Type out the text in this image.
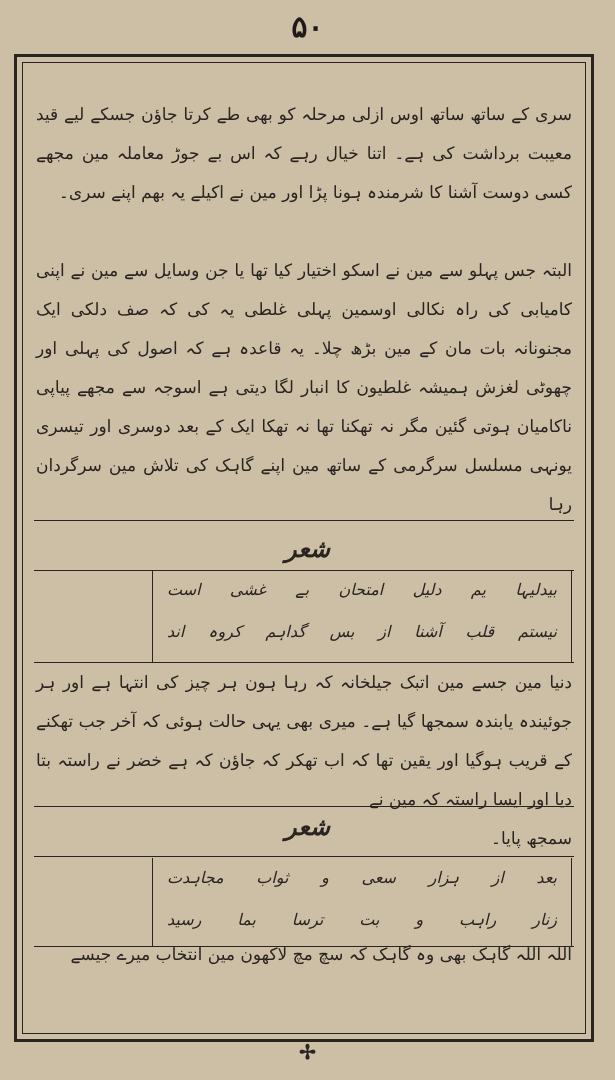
۵۰
سری کے ساتھ ساتھ اوس ازلی مرحلہ کو بھی طے کرتا جاؤن جسکے لیے قید معیبت برداشت کی ہے۔ اتنا خیال رہے کہ اس بے جوڑ معاملہ مین مجھے کسی دوست آشنا کا شرمندہ ہونا پڑا اور مین نے اکیلے یہ بھم اپنے سری۔
البتہ جس پہلو سے مین نے اسکو اختیار کیا تھا یا جن وسایل سے مین نے اپنی کامیابی کی راہ نکالی اوسمین پہلی غلطی یہ کی کہ صف دلکی ایک مجنونانہ بات مان کے مین بڑھ چلا۔ یہ قاعدہ ہے کہ اصول کی پہلی اور چھوٹی لغزش ہمیشہ غلطیون کا انبار لگا دیتی ہے اسوجہ سے مجھے پیاپی ناکامیان ہوتی گئین مگر نہ تھکنا تھا نہ تھکا ایک کے بعد دوسری اور تیسری یونہی مسلسل سرگرمی کے ساتھ مین اپنے گاہک کی تلاش مین سرگردان رہا
شعر
بیدلیہا یم دلیل امتحان بے غشی است
نیستم قلب آشنا از بس گداہم کروہ اند
دنیا مین جسے مین اتبک جیلخانہ کہ رہا ہون ہر چیز کی انتہا ہے اور ہر جوئیندہ یابندہ سمجھا گیا ہے۔ میری بھی یہی حالت ہوئی کہ آخر جب تھکنے کے قریب ہوگیا اور یقین تھا کہ اب تھکر کہ جاؤن کہ ہے خضر نے راستہ بتا دیا اور ایسا راستہ کہ مین نے
شعر	سمجھ پایا۔
بعد از ہزار سعی و ثواب مجاہدت
زنار راہب و بت ترسا بما رسید
اللہ اللہ گاہک بھی وہ گاہک کہ سچ مچ لاکھون مین انتخاب میرے جیسے
✢
